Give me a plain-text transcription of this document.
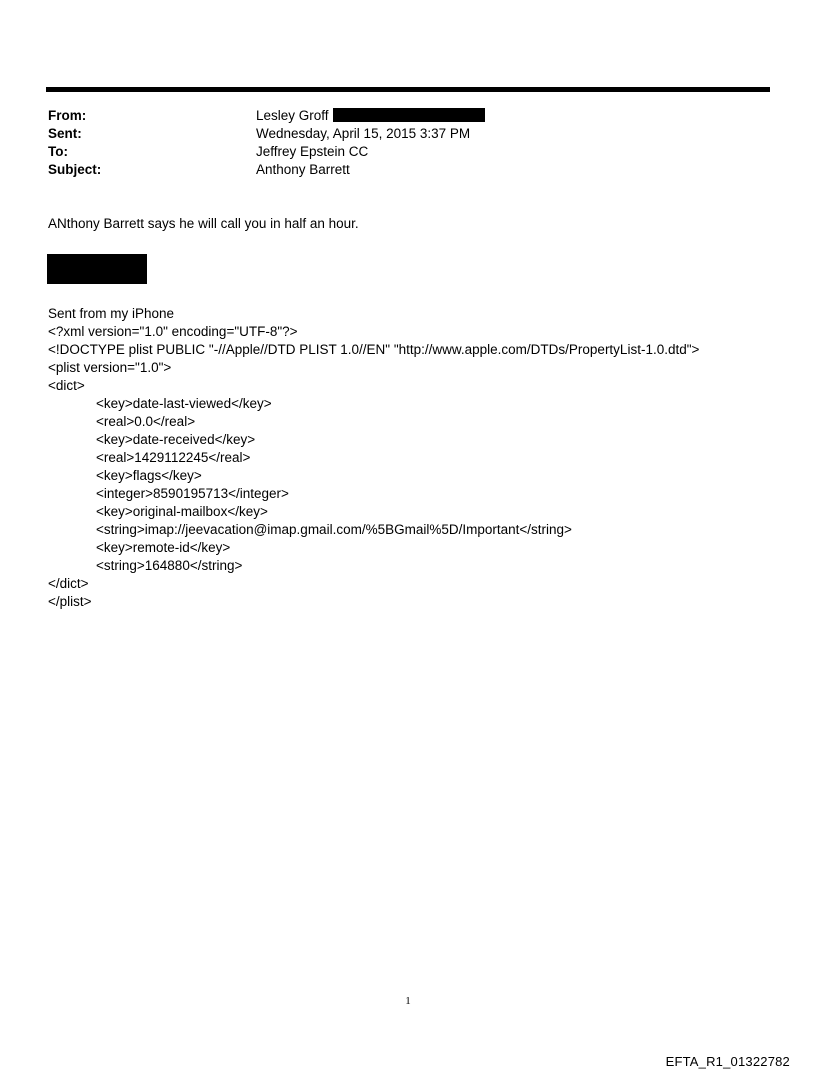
From:	Lesley Groff
Sent:	Wednesday, April 15, 2015 3:37 PM
To:	Jeffrey Epstein CC
Subject:	Anthony Barrett
ANthony Barrett says he will call you in half an hour.
Sent from my iPhone
<?xml version="1.0" encoding="UTF-8"?>
<!DOCTYPE plist PUBLIC "-//Apple//DTD PLIST 1.0//EN" "http://www.apple.com/DTDs/PropertyList-1.0.dtd">
<plist version="1.0">
<dict>
<key>date-last-viewed</key>
<real>0.0</real>
<key>date-received</key>
<real>1429112245</real>
<key>flags</key>
<integer>8590195713</integer>
<key>original-mailbox</key>
<string>imap://jeevacation@imap.gmail.com/%5BGmail%5D/Important</string>
<key>remote-id</key>
<string>164880</string>
</dict>
</plist>
1
EFTA_R1_01322782
